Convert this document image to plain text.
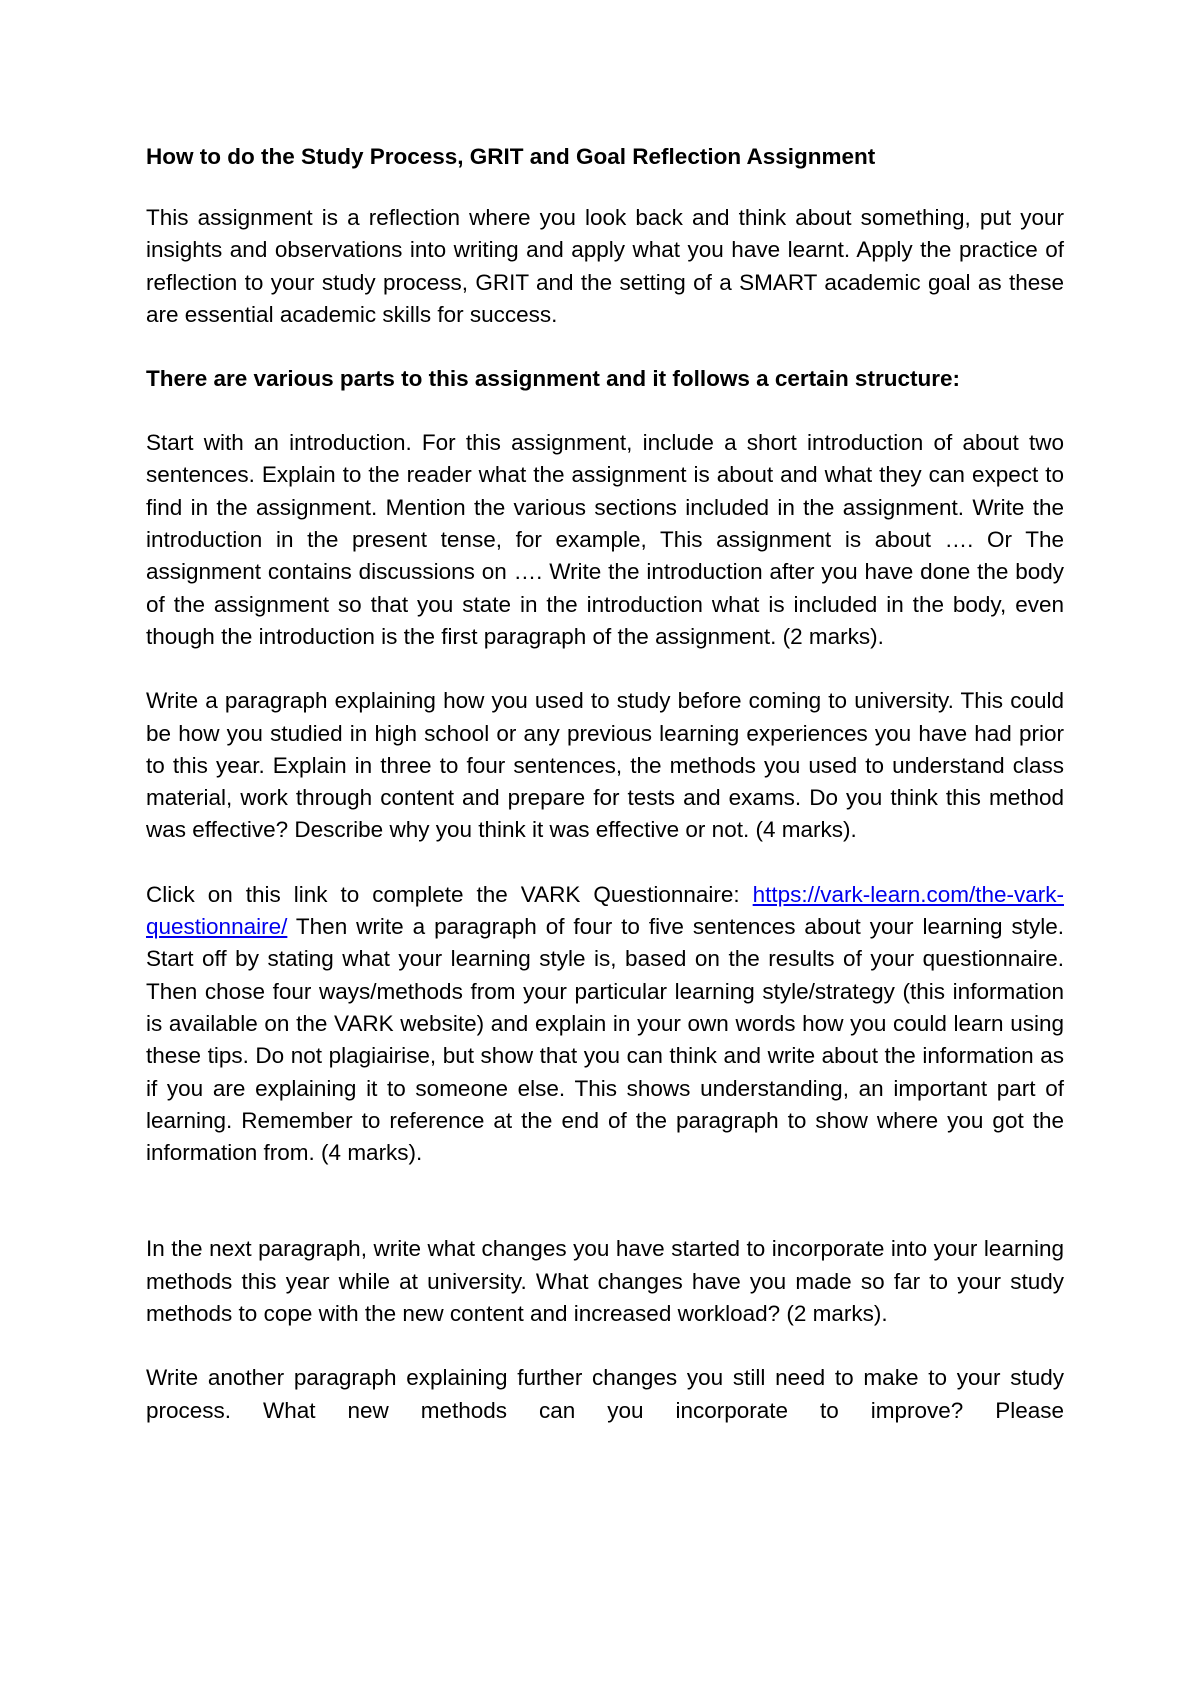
How to do the Study Process, GRIT and Goal Reflection Assignment

This assignment is a reflection where you look back and think about something, put your insights and observations into writing and apply what you have learnt. Apply the practice of reflection to your study process, GRIT and the setting of a SMART academic goal as these are essential academic skills for success.

There are various parts to this assignment and it follows a certain structure:

Start with an introduction. For this assignment, include a short introduction of about two sentences. Explain to the reader what the assignment is about and what they can expect to find in the assignment. Mention the various sections included in the assignment. Write the introduction in the present tense, for example, This assignment is about …. Or The assignment contains discussions on …. Write the introduction after you have done the body of the assignment so that you state in the introduction what is included in the body, even though the introduction is the first paragraph of the assignment. (2 marks).

Write a paragraph explaining how you used to study before coming to university. This could be how you studied in high school or any previous learning experiences you have had prior to this year. Explain in three to four sentences, the methods you used to understand class material, work through content and prepare for tests and exams. Do you think this method was effective? Describe why you think it was effective or not. (4 marks).

Click on this link to complete the VARK Questionnaire: https://vark-learn.com/the-vark-questionnaire/ Then write a paragraph of four to five sentences about your learning style. Start off by stating what your learning style is, based on the results of your questionnaire. Then chose four ways/methods from your particular learning style/strategy (this information is available on the VARK website) and explain in your own words how you could learn using these tips. Do not plagiairise, but show that you can think and write about the information as if you are explaining it to someone else. This shows understanding, an important part of learning. Remember to reference at the end of the paragraph to show where you got the information from. (4 marks).

In the next paragraph, write what changes you have started to incorporate into your learning methods this year while at university. What changes have you made so far to your study methods to cope with the new content and increased workload? (2 marks).

Write another paragraph explaining further changes you still need to make to your study process. What new methods can you incorporate to improve? Please
